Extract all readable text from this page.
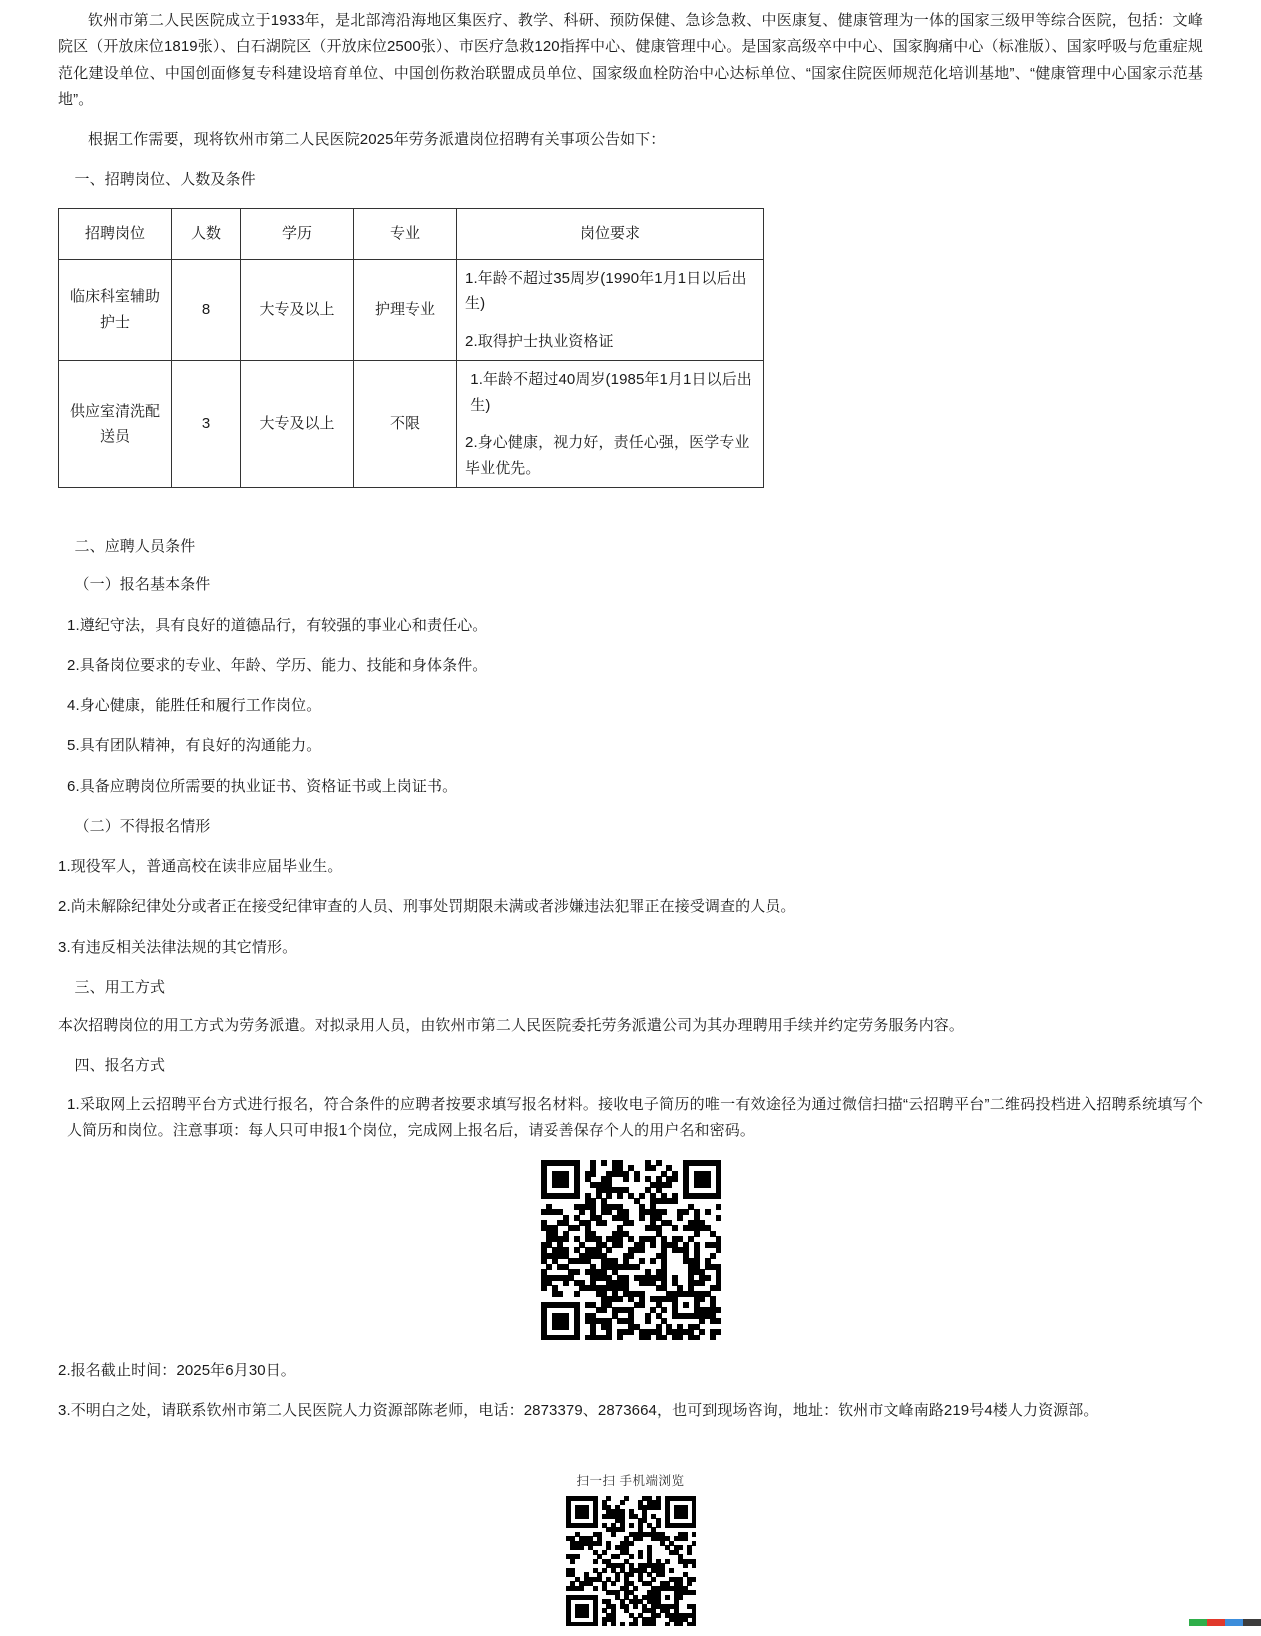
钦州市第二人民医院成立于1933年，是北部湾沿海地区集医疗、教学、科研、预防保健、急诊急救、中医康复、健康管理为一体的国家三级甲等综合医院，包括：文峰院区（开放床位1819张）、白石湖院区（开放床位2500张）、市医疗急救120指挥中心、健康管理中心。是国家高级卒中中心、国家胸痛中心（标准版）、国家呼吸与危重症规范化建设单位、中国创面修复专科建设培育单位、中国创伤救治联盟成员单位、国家级血栓防治中心达标单位、“国家住院医师规范化培训基地”、“健康管理中心国家示范基地”。

根据工作需要，现将钦州市第二人民医院2025年劳务派遣岗位招聘有关事项公告如下：

一、招聘岗位、人数及条件

招聘岗位	人数	学历	专业	岗位要求
临床科室辅助护士	8	大专及以上	护理专业	1.年龄不超过35周岁(1990年1月1日以后出生)

2.取得护士执业资格证

供应室清洗配送员	3	大专及以上	不限	1.年龄不超过40周岁(1985年1月1日以后出生)

2.身心健康，视力好，责任心强，医学专业毕业优先。

二、应聘人员条件

（一）报名基本条件

1.遵纪守法，具有良好的道德品行，有较强的事业心和责任心。

2.具备岗位要求的专业、年龄、学历、能力、技能和身体条件。

4.身心健康，能胜任和履行工作岗位。

5.具有团队精神，有良好的沟通能力。

6.具备应聘岗位所需要的执业证书、资格证书或上岗证书。

（二）不得报名情形

1.现役军人，普通高校在读非应届毕业生。

2.尚未解除纪律处分或者正在接受纪律审查的人员、刑事处罚期限未满或者涉嫌违法犯罪正在接受调查的人员。

3.有违反相关法律法规的其它情形。

三、用工方式

本次招聘岗位的用工方式为劳务派遣。对拟录用人员，由钦州市第二人民医院委托劳务派遣公司为其办理聘用手续并约定劳务服务内容。

四、报名方式

1.采取网上云招聘平台方式进行报名，符合条件的应聘者按要求填写报名材料。接收电子简历的唯一有效途径为通过微信扫描“云招聘平台”二维码投档进入招聘系统填写个人简历和岗位。注意事项：每人只可申报1个岗位，完成网上报名后，请妥善保存个人的用户名和密码。

2.报名截止时间：2025年6月30日。

3.不明白之处，请联系钦州市第二人民医院人力资源部陈老师，电话：2873379、2873664，也可到现场咨询，地址：钦州市文峰南路219号4楼人力资源部。

扫一扫 手机端浏览
